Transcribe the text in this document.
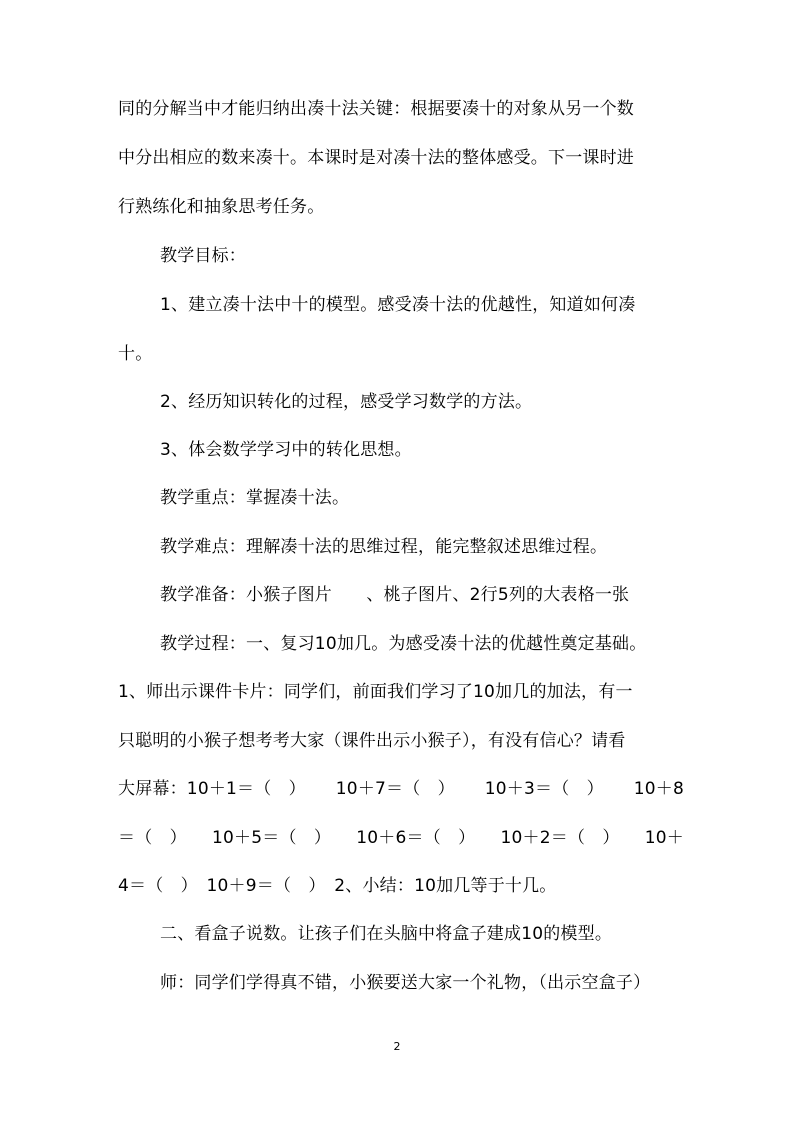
同的分解当中才能归纳出凑十法关键：根据要凑十的对象从另一个数
中分出相应的数来凑十。本课时是对凑十法的整体感受。下一课时进
行熟练化和抽象思考任务。
教学目标：
1、建立凑十法中十的模型。感受凑十法的优越性，知道如何凑
十。
2、经历知识转化的过程，感受学习数学的方法。
3、体会数学学习中的转化思想。
教学重点：掌握凑十法。
教学难点：理解凑十法的思维过程，能完整叙述思维过程。
教学准备：小猴子图片　　、桃子图片、2行5列的大表格一张
教学过程：一、复习10加几。为感受凑十法的优越性奠定基础。
1、师出示课件卡片：同学们，前面我们学习了10加几的加法，有一
只聪明的小猴子想考考大家（课件出示小猴子），有没有信心？请看
大屏幕：10＋1＝（　） 10＋7＝（　） 10＋3＝（　） 10＋8
＝（　） 10＋5＝（　） 10＋6＝（　） 10＋2＝（　） 10＋
4＝（　）　10＋9＝（　）　2、小结：10加几等于十几。
二、看盒子说数。让孩子们在头脑中将盒子建成10的模型。
师：同学们学得真不错，小猴要送大家一个礼物，（出示空盒子）
2
